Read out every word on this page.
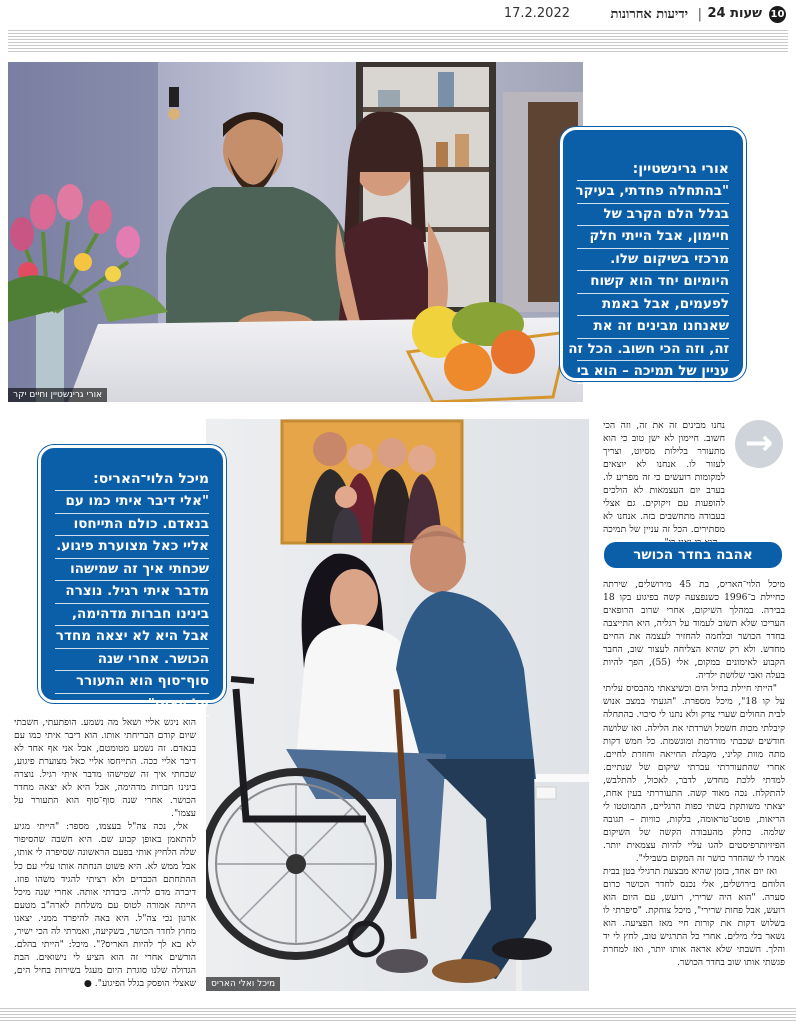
10
24 שעות
|
ידיעות אחרונות
17.2.2022
אורי גרינשטיין וחיים יקר
אורי גרינשטיין:
"בהתחלה פחדתי, בעיקר
בגלל הלם הקרב של
חיימון, אבל הייתי חלק
מרכזי בשיקום שלו.
היומיום יחד הוא קשוח
לפעמים, אבל באמת
שאנחנו מבינים זה את
זה, וזה הכי חשוב. הכל זה
עניין של תמיכה – הוא בי
ואני בו"
→

נחנו מבינים זה את זה, וזה הכי חשוב. חיימון לא ישן טוב כי הוא מתעורר בלילות מסיוט, וצריך לעזור לו. אנחנו לא יוצאים למקומות רועשים כי זה מפריע לו. בערב יום העצמאות לא הולכים להופעות עם זיקוקים. גם אצלי בעבודה מתחשבים בזה. אנחנו לא מסתירים. הכל זה עניין של תמיכה

אהבה בחדר הכושר

מיכל הלוי־האריס, בת 45 מירושלים, שירתה כחיילת ב־1996 כשנפצעה קשה בפיגוע בקו 18 בבירה. במהלך השיקום, אחרי שרוב הרופאים העריכו שלא תשוב לעמוד על רגליה, היא התייצבה בחדר הכושר ובלחמה להחזיר לעצמה את החיים מחדש. ולא רק שהיא הצליחה לעצור שוב, החבר הקבוע לאימונים במקום, אלי (55), הפך להיות בעלה ואבי שלושת ילדיה.

"הייתי חיילת בחיל הים וכשיצאתי מהבסיס עליתי על קו 18", מיכל מספרת. "הגעתי במצב אנוש לבית החולים שערי צדק ולא נתנו לי סיכוי. בהתחלה קיבלתי מכות חשמל ושרדתי את הלילה. ואז שלושה חודשים שכבתי מורדמת ומונשמת. כל חמש דקות מתה מוות קליני, מקבלת החייאה וחוזרת לחיים. אחרי שהתעוררתי עברתי שיקום של שנתיים. למדתי ללכת מחדש, לדבר, לאכול, להתלבש, להתקלח. נכה מאוד קשה. התעוררתי בעין אחת, יצאתי משותקת בשתי כפות הרגליים, התמוטטו לי הריאות, פוסט־טראומה, בלקות, כוויות – תגובה שלמה. כחלק מהעבודה הקשה של השיקום הפיזיותרפיסטים להגו עליי להיות עצמאית יותר. אמרו לי שהחדר כושר זה המקום בשבילי".

ואז יום אחד, בזמן שהיא מבצעת תרגילי בטן בבית הלוחם בירושלים, אלי נכנס לחדר הכושר כרום סערה. "הוא היה שרירי, רועש, עם היום הוא רועש, אבל פחות שרירי", מיכל צוחקת. "סיפרתי לו בשלוש דקות את קורות חיי מאז הפציעה. הוא נשאר בלי מילים. אחרי כל התרגיש טוב, לחץ לי יד והלך. חשבתי שלא אראה אותו יותר, ואז למחרת פגשתי אותו שוב בחדר הכושר.

מיכל ואלי האריס
מיכל הלוי־האריס:
"אלי דיבר איתי כמו עם
בנאדם. כולם התייחסו
אליי כאל מצוערת פיגוע.
שכחתי איך זה שמישהו
מדבר איתי רגיל. נוצרה
בינינו חברות מדהימה,
אבל היא לא יצאה מחדר
הכושר. אחרי שנה
סוף־סוף הוא התעורר
על עצמו"

הוא ניגש אליי ושאל מה נשמע. הופתעתי, חשבתי שיום קודם הבריחתי אותו. הוא דיבר איתי כמו עם בנאדם. זה נשמע מטומטם, אבל אני אף אחד לא דיבר אליי ככה. התייחסו אליי כאל מצוערת פיגוע, שכחתי איך זה שמישהו מדבר איתי רגיל. נוצרה בינינו חברות מדהימה, אבל היא לא יצאה מחדר הכושר. אחרי שנה סוף־סוף הוא התעורר על עצמו".

אלי, נכה צה"ל בעצמו, מספר: "הייתי מגיע להתאמן באופן קבוע שם. היא חשבה שהסיפור שלה הלחיץ אותי בפעם הראשונה שסיפרה לי אותו, אבל ממש לא. היא פשוט הנחתה אותו עליי עם כל ההתחתם הכבדים ולא רציתי להגיד משהו פוזז. דיברה מדם לריה. כיבדתי אותה. אחרי שנה מיכל הייתה אמורה לטוס עם משלחת לארה"ב מטעם ארגון נכי צה"ל. היא באה להיפרד ממני. יצאנו מחוץ לחדר הכושר, בשקיעה, ואמרתי לה הכי ישיר, לא בא לך להיות האריס?". מיכל: "הייתי בהלם. הורשים אחרי זה הוא הציע לי נישואים. הבת הגדולה שלנו סוגרת היום מעגל בשירות בחיל הים, שאצלי הופסק בגלל הפיגוע". ●
